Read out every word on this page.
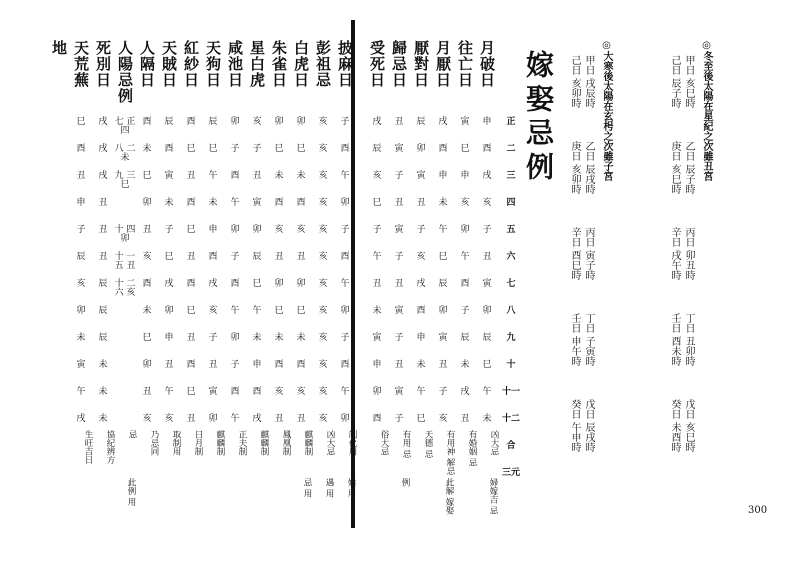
月破日
申
酉
戌
亥
子
丑
寅
卯
辰
巳
午
未
凶大忌
婦嫁吉 忌
往亡日
寅
巳
申
亥
卯
午
酉
子
辰
未
戌
丑
有婚姻 忌
月厭日
戌
酉
申
未
午
巳
辰
卯
寅
丑
子
亥
有用神 解忌
此解 嫁娶
厭對日
辰
卯
寅
丑
子
亥
戌
酉
申
未
午
巳
天德 忌
歸忌日
丑
寅
子
丑
寅
子
丑
寅
子
丑
寅
子
有用 忌
例
受死日
戌
辰
亥
巳
子
午
丑
未
寅
申
卯
酉
俗大忌
披麻日
子
酉
午
卯
子
酉
午
卯
子
酉
午
卯
制化用
姑 用
彭祖忌
亥
亥
亥
亥
亥
亥
亥
亥
亥
亥
亥
亥
凶大忌
遇 用
白虎日
卯
巳
未
酉
亥
丑
卯
巳
未
酉
亥
丑
麒麟制
忌 用
朱雀日
卯
巳
未
酉
亥
丑
卯
巳
未
酉
亥
丑
鳳凰制
星白虎
亥
子
丑
寅
卯
辰
巳
午
未
申
酉
戌
麒麟制
咸池日
卯
子
酉
午
卯
子
酉
午
卯
子
酉
午
正夫制
天狗日
辰
巳
午
未
申
酉
戌
亥
子
丑
寅
卯
麒麟制
紅紗日
酉
巳
丑
酉
巳
丑
酉
巳
丑
酉
巳
丑
日月制
天賊日
辰
酉
寅
未
子
巳
戌
卯
申
丑
午
亥
取制用
人隔日
酉
未
巳
卯
丑
亥
酉
未
巳
卯
丑
亥
乃忌同
人陽忌例
七 正 四
八 二 未
九 三 巳
十 四 卯
十 一 五 丑
十 二 六 亥
忌
此例 用
死別日
戌
戌
戌
丑
丑
丑
辰
辰
辰
未
未
未
協紀辨方
天荒蕪
巳
酉
丑
申
子
辰
亥
卯
未
寅
午
戌
生旺吉日
地
正
二
三
四
五
六
七
八
九
十
十一
十二
合
三元
◎冬至後太陽在星紀之次雖丑宮
甲日 亥巳時
己日 辰子時
乙日 辰子時
庚日 亥巳時
丙日 卯丑時
辛日 戌午時
丁日 丑卯時
壬日 酉未時
戊日 亥巳時
癸日 未酉時
◎大寒後太陽在玄枵之次雖子宮
甲日 戌辰時
己日 亥卯時
乙日 辰戌時
庚日 亥卯時
丙日 寅子時
辛日 酉巳時
丁日 子寅時
壬日 申午時
戊日 辰戌時
癸日 午申時
嫁娶忌例
300
